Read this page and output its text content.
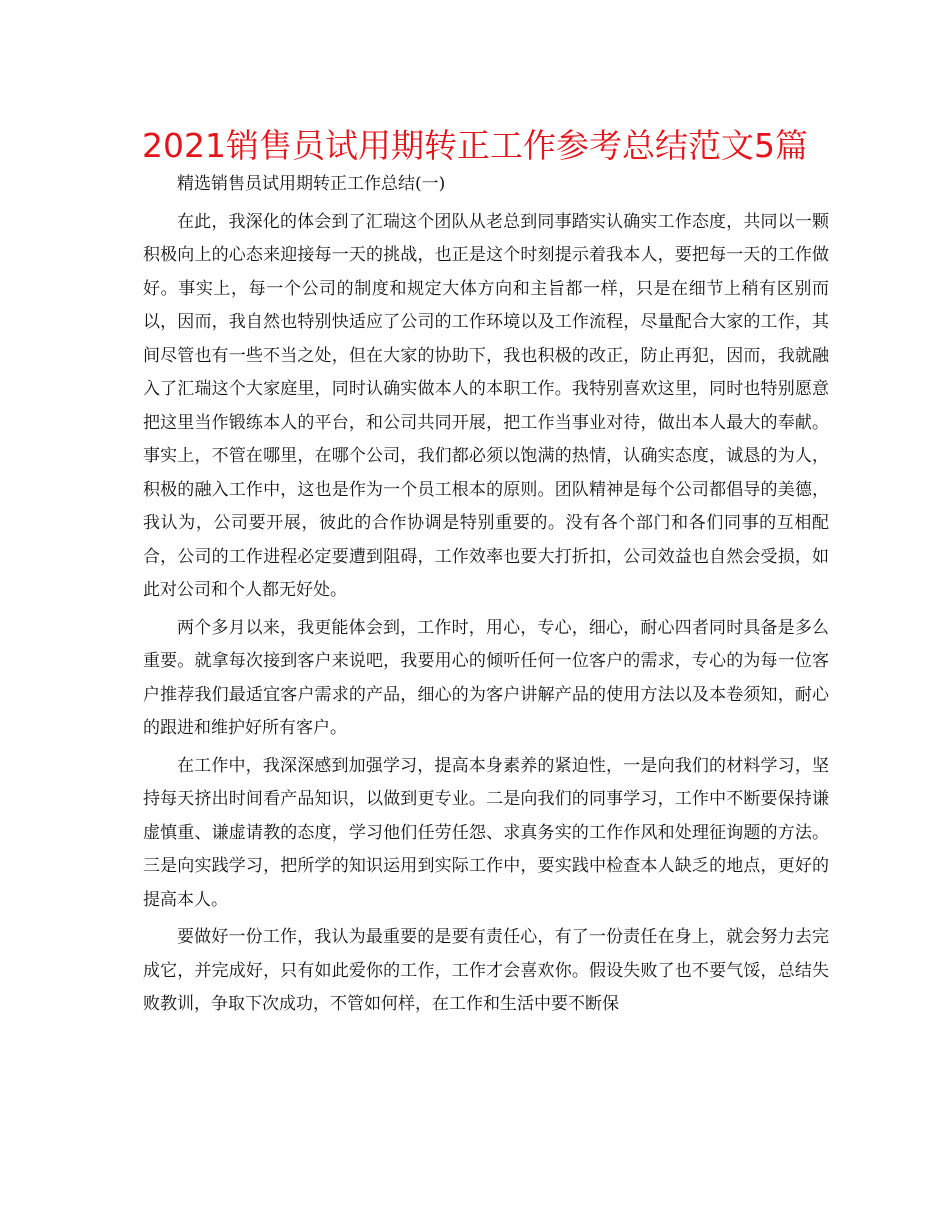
2021销售员试用期转正工作参考总结范文5篇

精选销售员试用期转正工作总结(一)

在此，我深化的体会到了汇瑞这个团队从老总到同事踏实认确实工作态度，共同以一颗积极向上的心态来迎接每一天的挑战，也正是这个时刻提示着我本人，要把每一天的工作做好。事实上，每一个公司的制度和规定大体方向和主旨都一样，只是在细节上稍有区别而以，因而，我自然也特别快适应了公司的工作环境以及工作流程，尽量配合大家的工作，其间尽管也有一些不当之处，但在大家的协助下，我也积极的改正，防止再犯，因而，我就融入了汇瑞这个大家庭里，同时认确实做本人的本职工作。我特别喜欢这里，同时也特别愿意把这里当作锻练本人的平台，和公司共同开展，把工作当事业对待，做出本人最大的奉献。事实上，不管在哪里，在哪个公司，我们都必须以饱满的热情，认确实态度，诚恳的为人，积极的融入工作中，这也是作为一个员工根本的原则。团队精神是每个公司都倡导的美德，我认为，公司要开展，彼此的合作协调是特别重要的。没有各个部门和各们同事的互相配合，公司的工作进程必定要遭到阻碍，工作效率也要大打折扣，公司效益也自然会受损，如此对公司和个人都无好处。

两个多月以来，我更能体会到，工作时，用心，专心，细心，耐心四者同时具备是多么重要。就拿每次接到客户来说吧，我要用心的倾听任何一位客户的需求，专心的为每一位客户推荐我们最适宜客户需求的产品，细心的为客户讲解产品的使用方法以及本卷须知，耐心的跟进和维护好所有客户。

在工作中，我深深感到加强学习，提高本身素养的紧迫性，一是向我们的材料学习，坚持每天挤出时间看产品知识，以做到更专业。二是向我们的同事学习，工作中不断要保持谦虚慎重、谦虚请教的态度，学习他们任劳任怨、求真务实的工作作风和处理征询题的方法。三是向实践学习，把所学的知识运用到实际工作中，要实践中检查本人缺乏的地点，更好的提高本人。

要做好一份工作，我认为最重要的是要有责任心，有了一份责任在身上，就会努力去完成它，并完成好，只有如此爱你的工作，工作才会喜欢你。假设失败了也不要气馁，总结失败教训，争取下次成功，不管如何样，在工作和生活中要不断保
